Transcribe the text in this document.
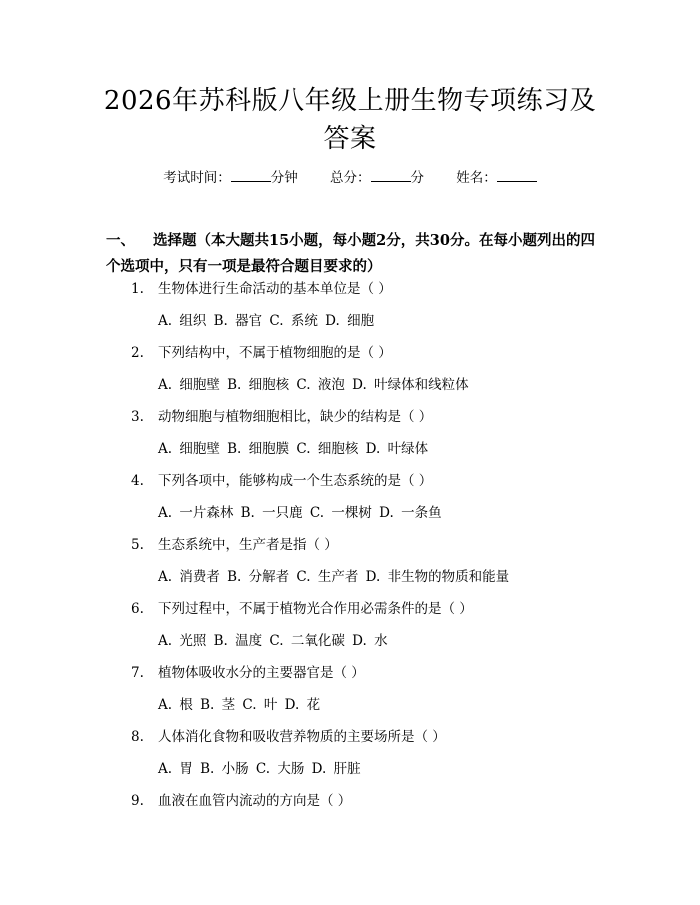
2026年苏科版八年级上册生物专项练习及答案
考试时间：	分钟 总分：	分 姓名：
一、 选择题（本大题共15小题，每小题2分，共30分。在每小题列出的四个选项中，只有一项是最符合题目要求的）
1. 生物体进行生命活动的基本单位是（ ）
A. 组织 B. 器官 C. 系统 D. 细胞
2. 下列结构中，不属于植物细胞的是（ ）
A. 细胞壁 B. 细胞核 C. 液泡 D. 叶绿体和线粒体
3. 动物细胞与植物细胞相比，缺少的结构是（ ）
A. 细胞壁 B. 细胞膜 C. 细胞核 D. 叶绿体
4. 下列各项中，能够构成一个生态系统的是（ ）
A. 一片森林 B. 一只鹿 C. 一棵树 D. 一条鱼
5. 生态系统中，生产者是指（ ）
A. 消费者 B. 分解者 C. 生产者 D. 非生物的物质和能量
6. 下列过程中，不属于植物光合作用必需条件的是（ ）
A. 光照 B. 温度 C. 二氧化碳 D. 水
7. 植物体吸收水分的主要器官是（ ）
A. 根 B. 茎 C. 叶 D. 花
8. 人体消化食物和吸收营养物质的主要场所是（ ）
A. 胃 B. 小肠 C. 大肠 D. 肝脏
9. 血液在血管内流动的方向是（ ）
